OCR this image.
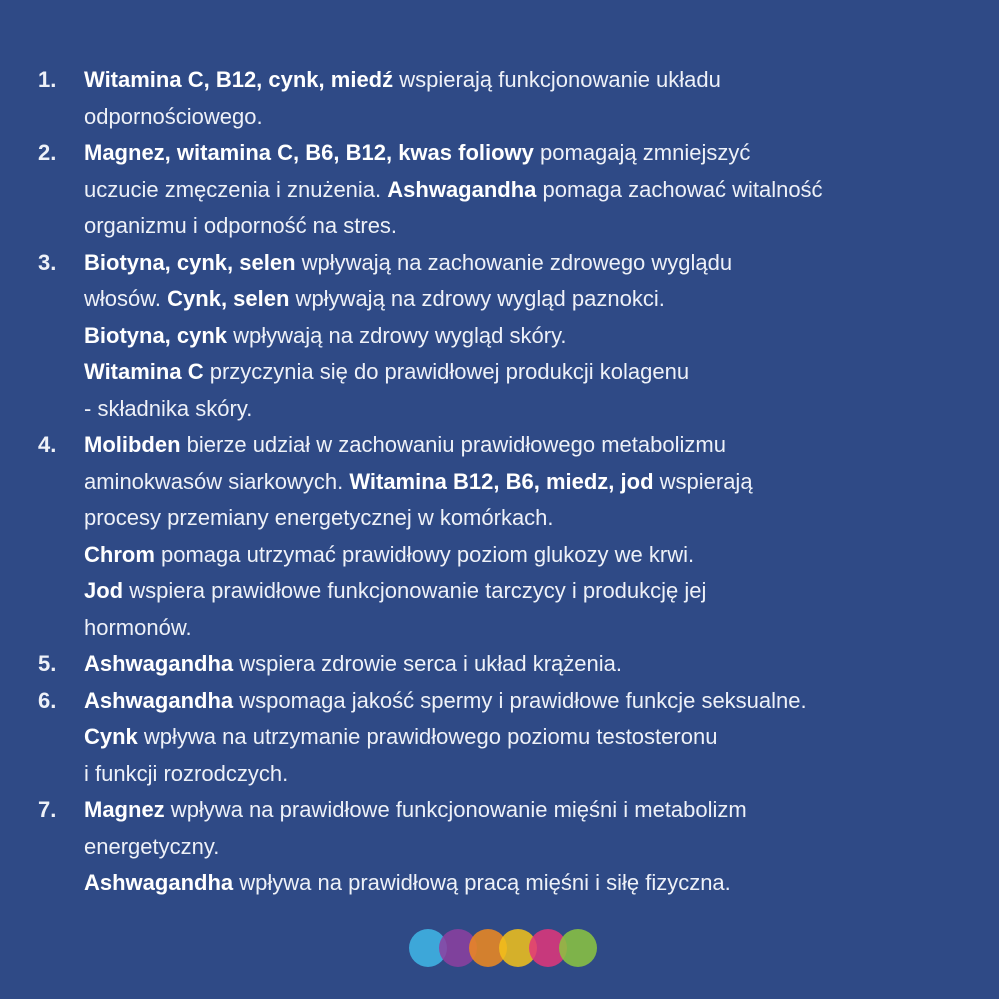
1.	Witamina C, B12, cynk, miedź wspierają funkcjonowanie układu
odpornościowego.
2.	Magnez, witamina C, B6, B12, kwas foliowy pomagają zmniejszyć
uczucie zmęczenia i znużenia. Ashwagandha pomaga zachować witalność
organizmu i odporność na stres.
3.	Biotyna, cynk, selen wpływają na zachowanie zdrowego wyglądu
włosów. Cynk, selen wpływają na zdrowy wygląd paznokci.
Biotyna, cynk wpływają na zdrowy wygląd skóry.
Witamina C przyczynia się do prawidłowej produkcji kolagenu
- składnika skóry.
4.	Molibden bierze udział w zachowaniu prawidłowego metabolizmu
aminokwasów siarkowych. Witamina B12, B6, miedz, jod wspierają
procesy przemiany energetycznej w komórkach.
Chrom pomaga utrzymać prawidłowy poziom glukozy we krwi.
Jod wspiera prawidłowe funkcjonowanie tarczycy i produkcję jej
hormonów.
5.	Ashwagandha wspiera zdrowie serca i układ krążenia.
6.	Ashwagandha wspomaga jakość spermy i prawidłowe funkcje seksualne.
Cynk wpływa na utrzymanie prawidłowego poziomu testosteronu
i funkcji rozrodczych.
7.	Magnez wpływa na prawidłowe funkcjonowanie mięśni i metabolizm
energetyczny.
Ashwagandha wpływa na prawidłową pracą mięśni i siłę fizyczna.
